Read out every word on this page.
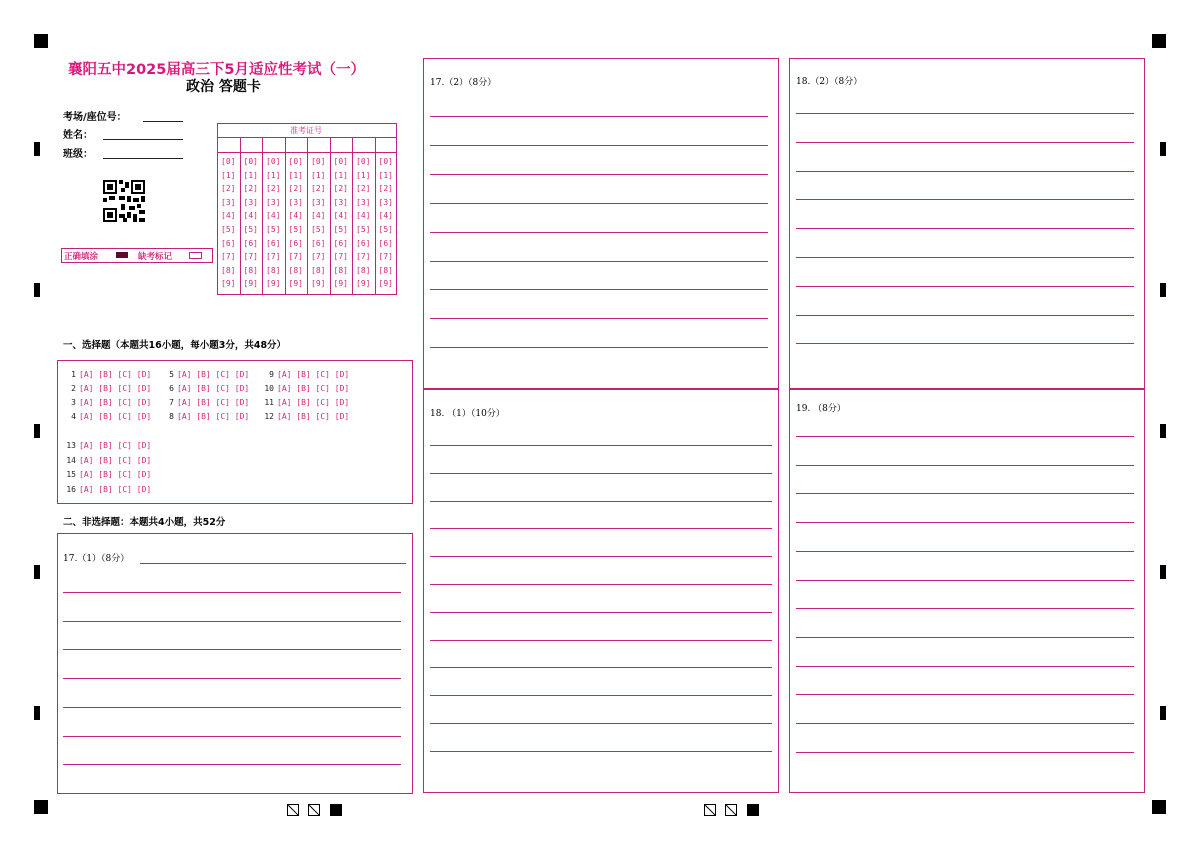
襄阳五中2025届高三下5月适应性考试（一）
政治 答题卡
考场/座位号：
姓名：
班级：
正确填涂	缺考标记
准考证号
[0]
[1]
[2]
[3]
[4]
[5]
[6]
[7]
[8]
[9]
[0]
[1]
[2]
[3]
[4]
[5]
[6]
[7]
[8]
[9]
[0]
[1]
[2]
[3]
[4]
[5]
[6]
[7]
[8]
[9]
[0]
[1]
[2]
[3]
[4]
[5]
[6]
[7]
[8]
[9]
[0]
[1]
[2]
[3]
[4]
[5]
[6]
[7]
[8]
[9]
[0]
[1]
[2]
[3]
[4]
[5]
[6]
[7]
[8]
[9]
[0]
[1]
[2]
[3]
[4]
[5]
[6]
[7]
[8]
[9]
[0]
[1]
[2]
[3]
[4]
[5]
[6]
[7]
[8]
[9]
一、选择题（本题共16小题，每小题3分，共48分）
1 [A] [B] [C] [D]
2 [A] [B] [C] [D]
3 [A] [B] [C] [D]
4 [A] [B] [C] [D]
5 [A] [B] [C] [D]
6 [A] [B] [C] [D]
7 [A] [B] [C] [D]
8 [A] [B] [C] [D]
9 [A] [B] [C] [D]
10 [A] [B] [C] [D]
11 [A] [B] [C] [D]
12 [A] [B] [C] [D]
13 [A] [B] [C] [D]
14 [A] [B] [C] [D]
15 [A] [B] [C] [D]
16 [A] [B] [C] [D]
二、非选择题：本题共4小题，共52分
17.（1）（8分）
17.（2）（8分）
18. （1）（10分）
18.（2）（8分）
19. （8分）
